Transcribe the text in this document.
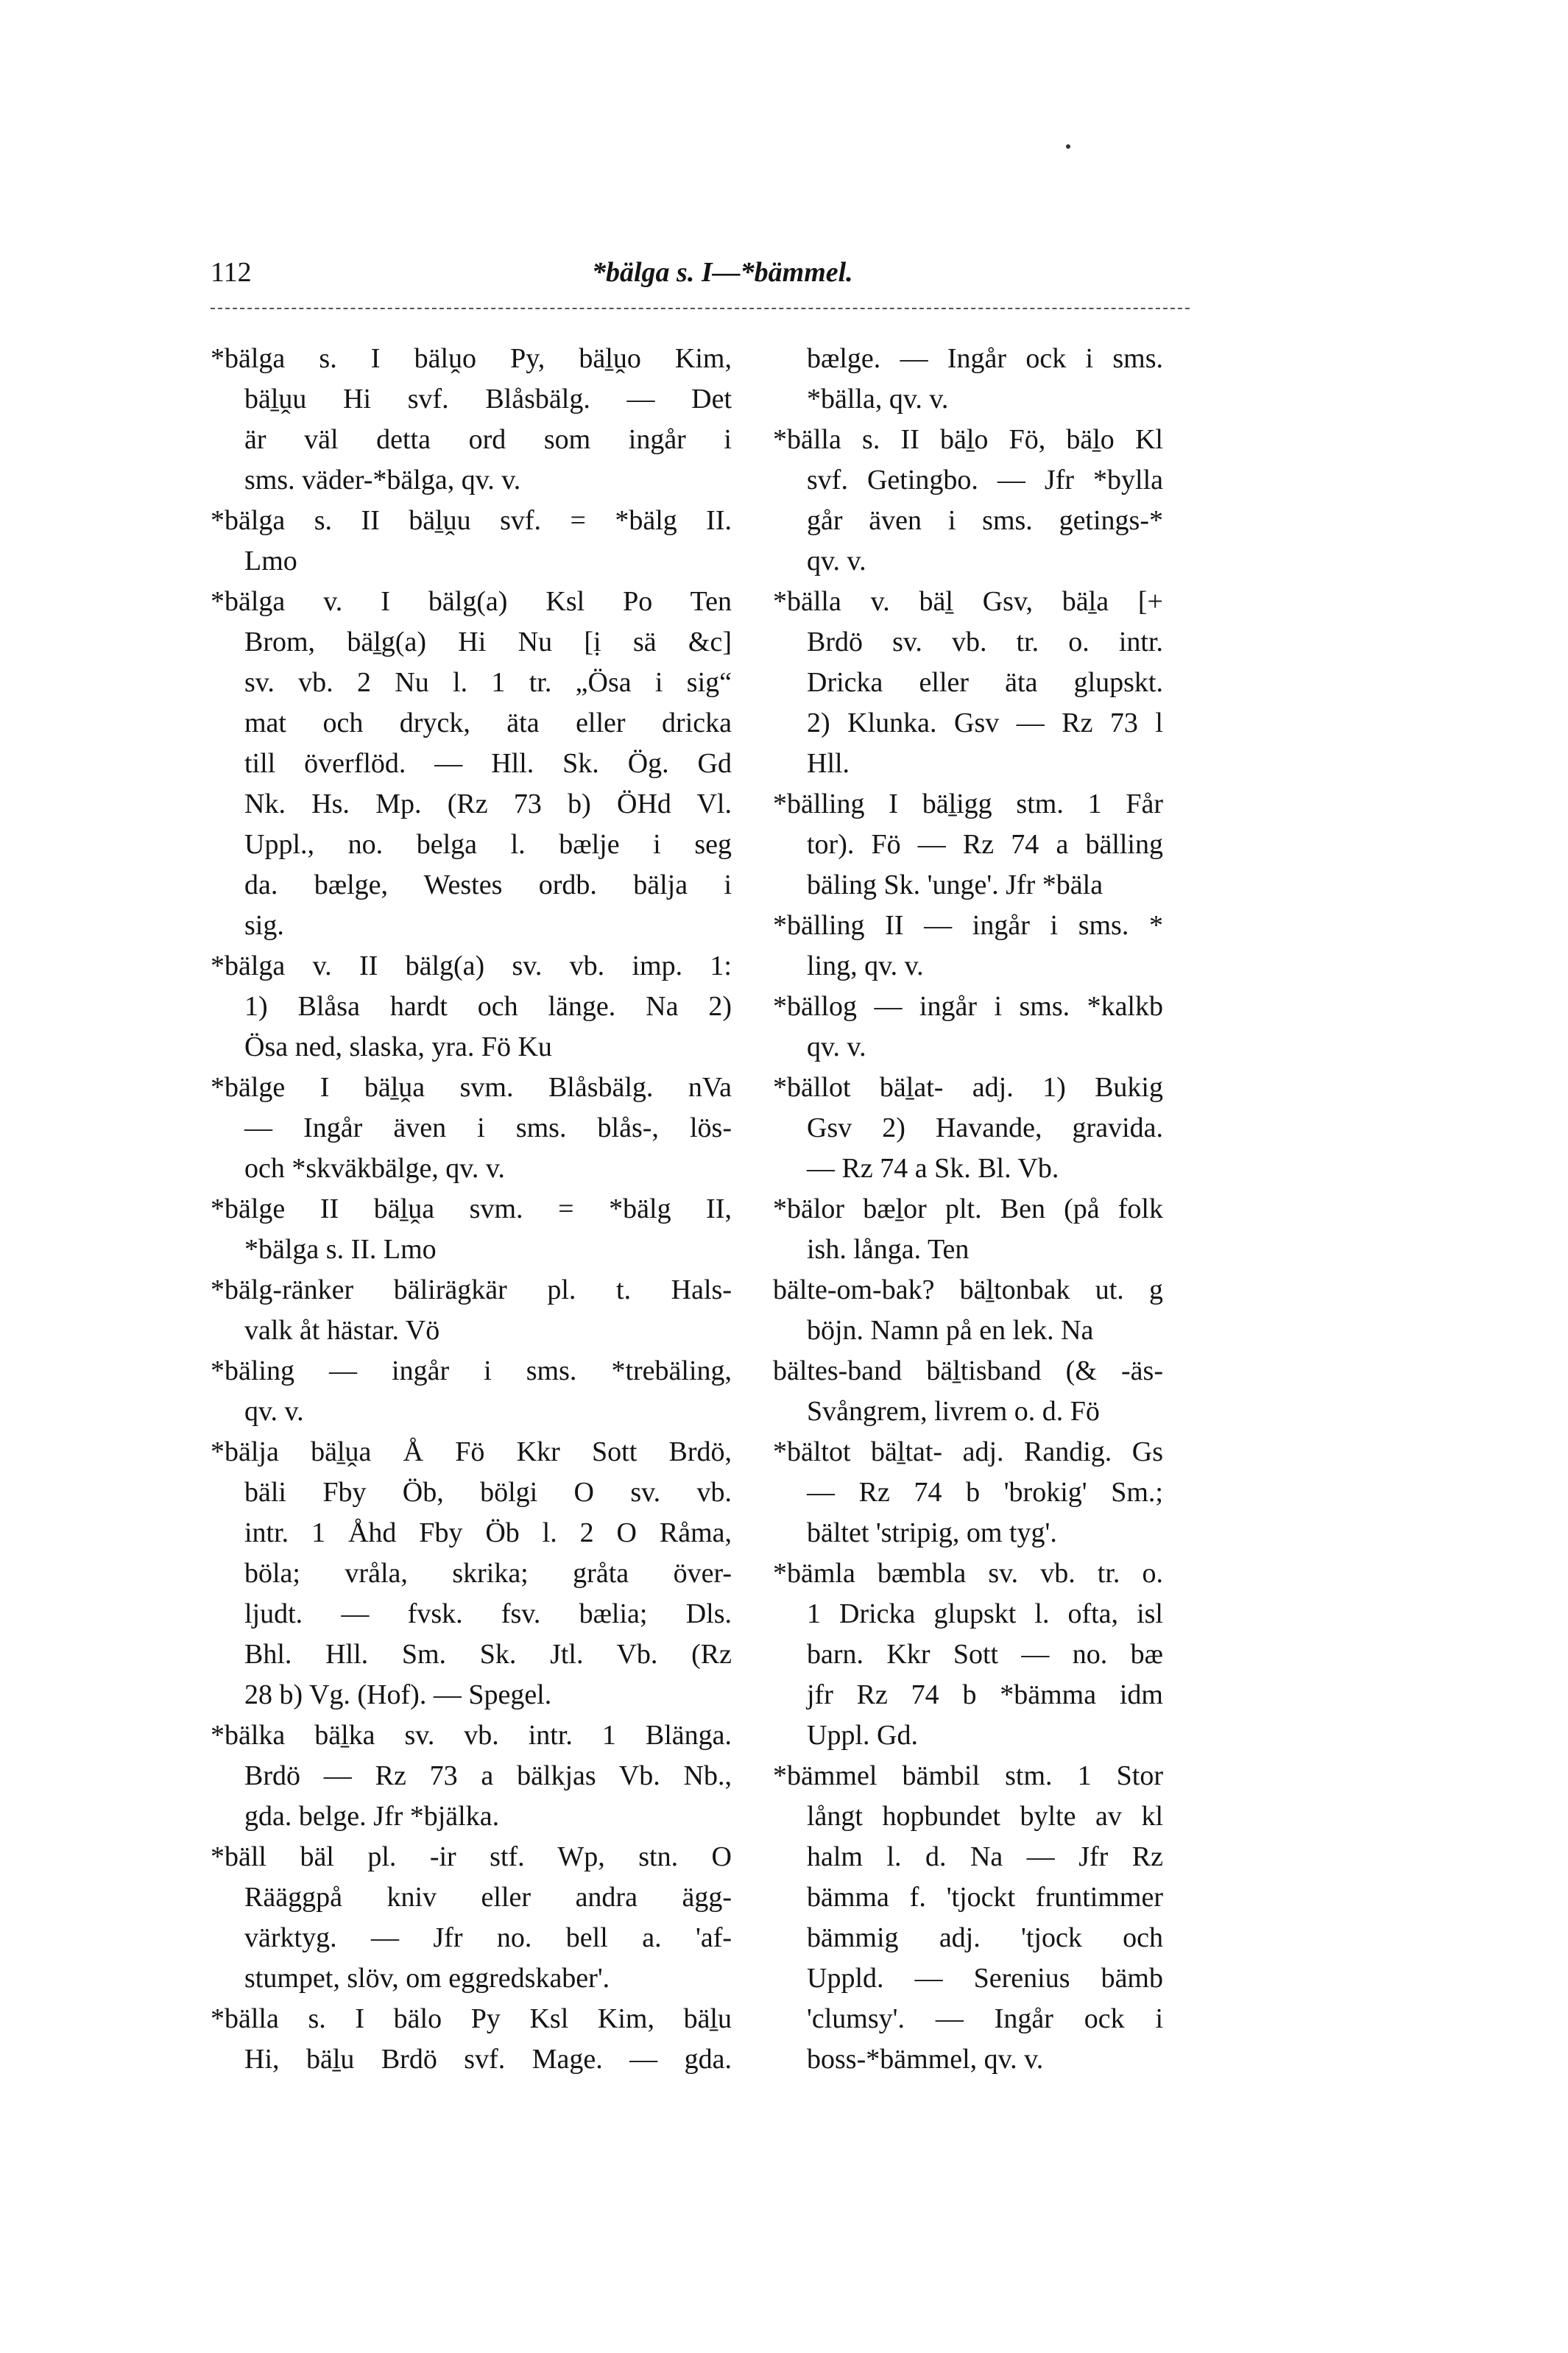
112	*bälga s. I—*bämmel.
*bälga s. I bälṷo Py, bäḻṷo Kim,
bäḻṷu Hi svf. Blåsbälg. — Det
är väl detta ord som ingår i
sms. väder-*bälga, qv. v.
*bälga s. II bäḻṷu svf. = *bälg II.
Lmo
*bälga v. I bälg(a) Ksl Po Ten
Brom, bäḻg(a) Hi Nu [ị sä &c]
sv. vb. 2 Nu l. 1 tr. „Ösa i sig“
mat och dryck, äta eller dricka
till överflöd. — Hll. Sk. Ög. Gd
Nk. Hs. Mp. (Rz 73 b) ÖHd Vl.
Uppl., no. belga l. bælje i seg
da. bælge, Westes ordb. bälja i
sig.
*bälga v. II bälg(a) sv. vb. imp. 1:
1) Blåsa hardt och länge. Na 2)
Ösa ned, slaska, yra. Fö Ku
*bälge I bäḻṷa svm. Blåsbälg. nVa
— Ingår även i sms. blås-, lös-
och *skväkbälge, qv. v.
*bälge II bäḻṷa svm. = *bälg II,
*bälga s. II. Lmo
*bälg-ränker bälirägkär pl. t. Hals-
valk åt hästar. Vö
*bäling — ingår i sms. *trebäling,
qv. v.
*bälja bäḻṷa Å Fö Kkr Sott Brdö,
bäli Fby Öb, bölgi O sv. vb.
intr. 1 Åhd Fby Öb l. 2 O Råma,
böla; vråla, skrika; gråta över-
ljudt. — fvsk. fsv. bælia; Dls.
Bhl. Hll. Sm. Sk. Jtl. Vb. (Rz
28 b) Vg. (Hof). — Spegel.
*bälka bäḻka sv. vb. intr. 1 Blänga.
Brdö — Rz 73 a bälkjas Vb. Nb.,
gda. belge. Jfr *bjälka.
*bäll bäl pl. -ir stf. Wp, stn. O
Rääggpå kniv eller andra ägg-
värktyg. — Jfr no. bell a. 'af-
stumpet, slöv, om eggredskaber'.
*bälla s. I bälo Py Ksl Kim, bäḻu
Hi, bäḻu Brdö svf. Mage. — gda.
bælge. — Ingår ock i sms.
*bälla, qv. v.
*bälla s. II bäḻo Fö, bäḻo Kl
svf. Getingbo. — Jfr *bylla
går även i sms. getings-*
qv. v.
*bälla v. bäḻ Gsv, bäḻa [+
Brdö sv. vb. tr. o. intr.
Dricka eller äta glupskt.
2) Klunka. Gsv — Rz 73 l
Hll.
*bälling I bäḻigg stm. 1 Får
tor). Fö — Rz 74 a bälling
bäling Sk. 'unge'. Jfr *bäla
*bälling II — ingår i sms. *
ling, qv. v.
*bällog — ingår i sms. *kalkb
qv. v.
*bällot bäḻat- adj. 1) Bukig
Gsv 2) Havande, gravida.
— Rz 74 a Sk. Bl. Vb.
*bälor bæḻor plt. Ben (på folk
ish. långa. Ten
bälte-om-bak? bäḻtonbak ut. g
böjn. Namn på en lek. Na
bältes-band bäḻtisband (& -äs-
Svångrem, livrem o. d. Fö
*bältot bäḻtat- adj. Randig. Gs
— Rz 74 b 'brokig' Sm.;
bältet 'stripig, om tyg'.
*bämla bæmbla sv. vb. tr. o.
1 Dricka glupskt l. ofta, isl
barn. Kkr Sott — no. bæ
jfr Rz 74 b *bämma idm
Uppl. Gd.
*bämmel bämbil stm. 1 Stor
långt hopbundet bylte av kl
halm l. d. Na — Jfr Rz
bämma f. 'tjockt fruntimmer
bämmig adj. 'tjock och
Uppld. — Serenius bämb
'clumsy'. — Ingår ock i
boss-*bämmel, qv. v.
